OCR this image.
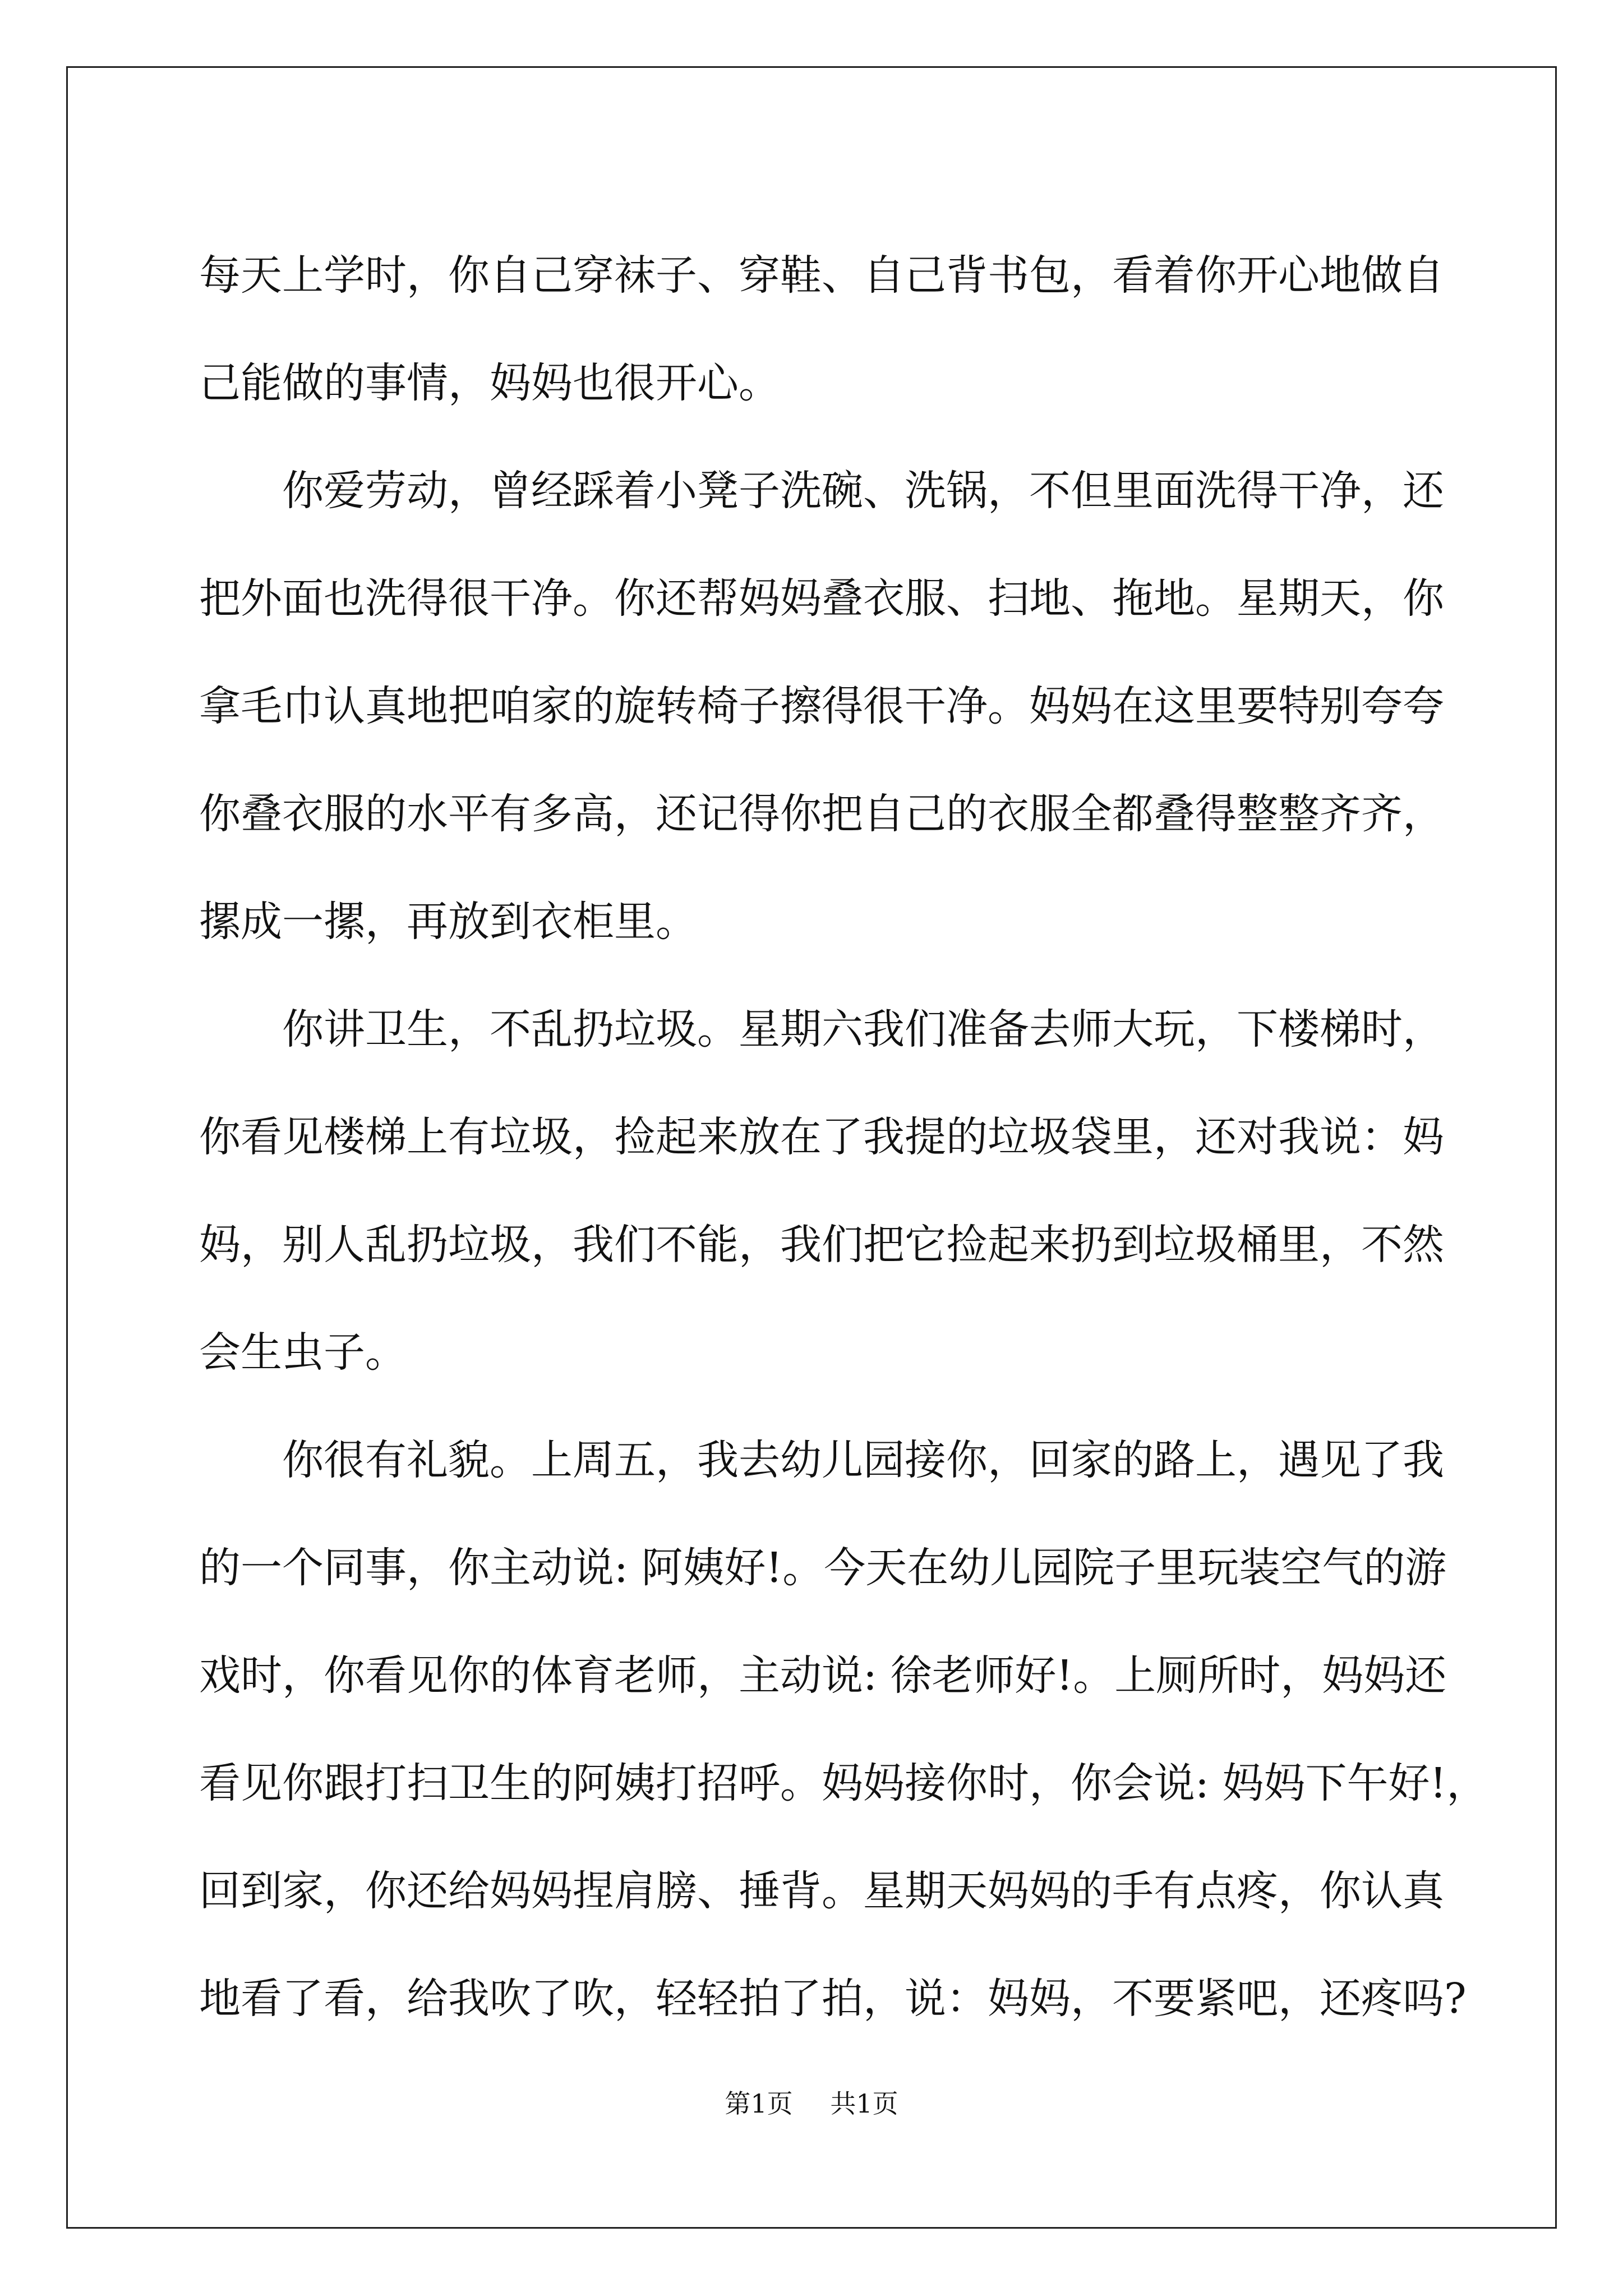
每天上学时，你自己穿袜子、穿鞋、自己背书包，看着你开心地做自
己能做的事情，妈妈也很开心。
你爱劳动，曾经踩着小凳子洗碗、洗锅，不但里面洗得干净，还
把外面也洗得很干净。你还帮妈妈叠衣服、扫地、拖地。星期天，你
拿毛巾认真地把咱家的旋转椅子擦得很干净。妈妈在这里要特别夸夸
你叠衣服的水平有多高，还记得你把自己的衣服全都叠得整整齐齐，
摞成一摞，再放到衣柜里。
你讲卫生，不乱扔垃圾。星期六我们准备去师大玩，下楼梯时，
你看见楼梯上有垃圾，捡起来放在了我提的垃圾袋里，还对我说：妈
妈，别人乱扔垃圾，我们不能，我们把它捡起来扔到垃圾桶里，不然
会生虫子。
你很有礼貌。上周五，我去幼儿园接你，回家的路上，遇见了我
的一个同事，你主动说: 阿姨好!。今天在幼儿园院子里玩装空气的游
戏时，你看见你的体育老师，主动说: 徐老师好!。上厕所时，妈妈还
看见你跟打扫卫生的阿姨打招呼。妈妈接你时，你会说: 妈妈下午好!，
回到家，你还给妈妈捏肩膀、捶背。星期天妈妈的手有点疼，你认真
地看了看，给我吹了吹，轻轻拍了拍，说：妈妈，不要紧吧，还疼吗?
第1页 共1页
